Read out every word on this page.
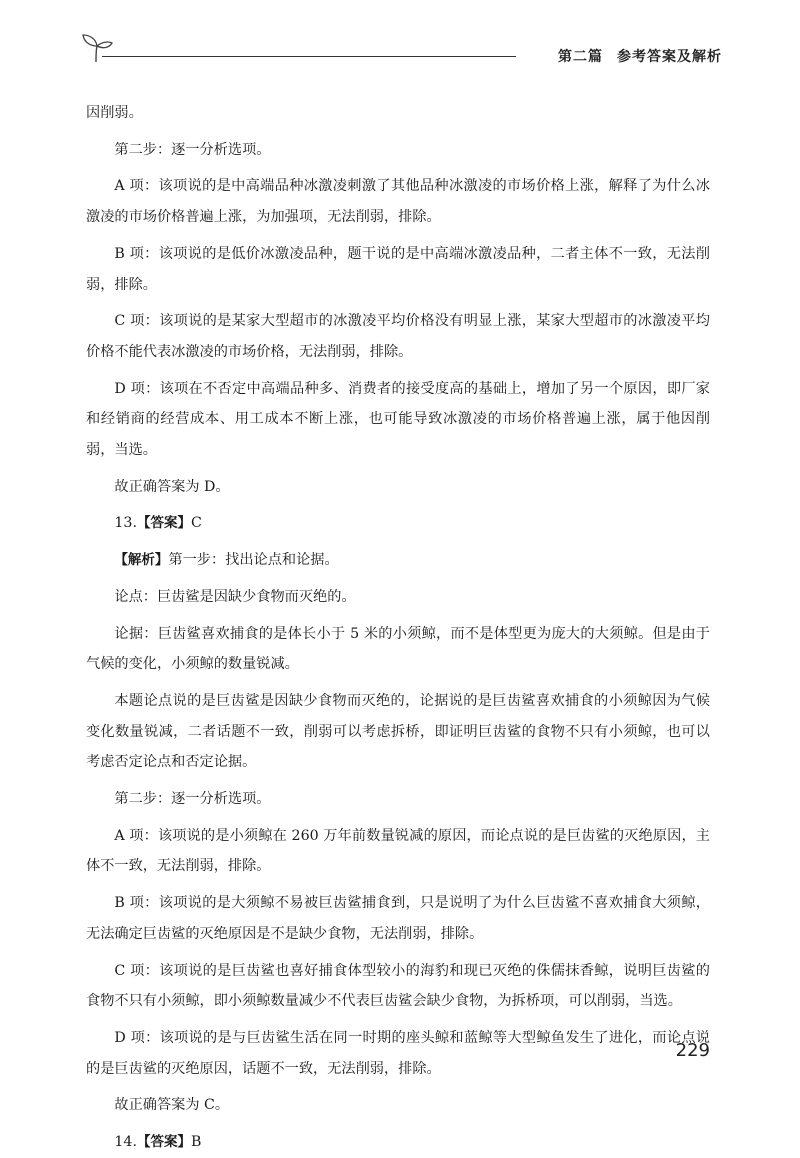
第二篇 参考答案及解析

因削弱。

第二步：逐一分析选项。

A 项：该项说的是中高端品种冰激凌刺激了其他品种冰激凌的市场价格上涨，解释了为什么冰激凌的市场价格普遍上涨，为加强项，无法削弱，排除。

B 项：该项说的是低价冰激凌品种，题干说的是中高端冰激凌品种，二者主体不一致，无法削弱，排除。

C 项：该项说的是某家大型超市的冰激凌平均价格没有明显上涨，某家大型超市的冰激凌平均价格不能代表冰激凌的市场价格，无法削弱，排除。

D 项：该项在不否定中高端品种多、消费者的接受度高的基础上，增加了另一个原因，即厂家和经销商的经营成本、用工成本不断上涨，也可能导致冰激凌的市场价格普遍上涨，属于他因削弱，当选。

故正确答案为 D。

13.【答案】C

【解析】第一步：找出论点和论据。

论点：巨齿鲨是因缺少食物而灭绝的。

论据：巨齿鲨喜欢捕食的是体长小于 5 米的小须鲸，而不是体型更为庞大的大须鲸。但是由于气候的变化，小须鲸的数量锐减。

本题论点说的是巨齿鲨是因缺少食物而灭绝的，论据说的是巨齿鲨喜欢捕食的小须鲸因为气候变化数量锐减，二者话题不一致，削弱可以考虑拆桥，即证明巨齿鲨的食物不只有小须鲸，也可以考虑否定论点和否定论据。

第二步：逐一分析选项。

A 项：该项说的是小须鲸在 260 万年前数量锐减的原因，而论点说的是巨齿鲨的灭绝原因，主体不一致，无法削弱，排除。

B 项：该项说的是大须鲸不易被巨齿鲨捕食到，只是说明了为什么巨齿鲨不喜欢捕食大须鲸，无法确定巨齿鲨的灭绝原因是不是缺少食物，无法削弱，排除。

C 项：该项说的是巨齿鲨也喜好捕食体型较小的海豹和现已灭绝的侏儒抹香鲸，说明巨齿鲨的食物不只有小须鲸，即小须鲸数量减少不代表巨齿鲨会缺少食物，为拆桥项，可以削弱，当选。

D 项：该项说的是与巨齿鲨生活在同一时期的座头鲸和蓝鲸等大型鲸鱼发生了进化，而论点说的是巨齿鲨的灭绝原因，话题不一致，无法削弱，排除。

故正确答案为 C。

14.【答案】B

229
